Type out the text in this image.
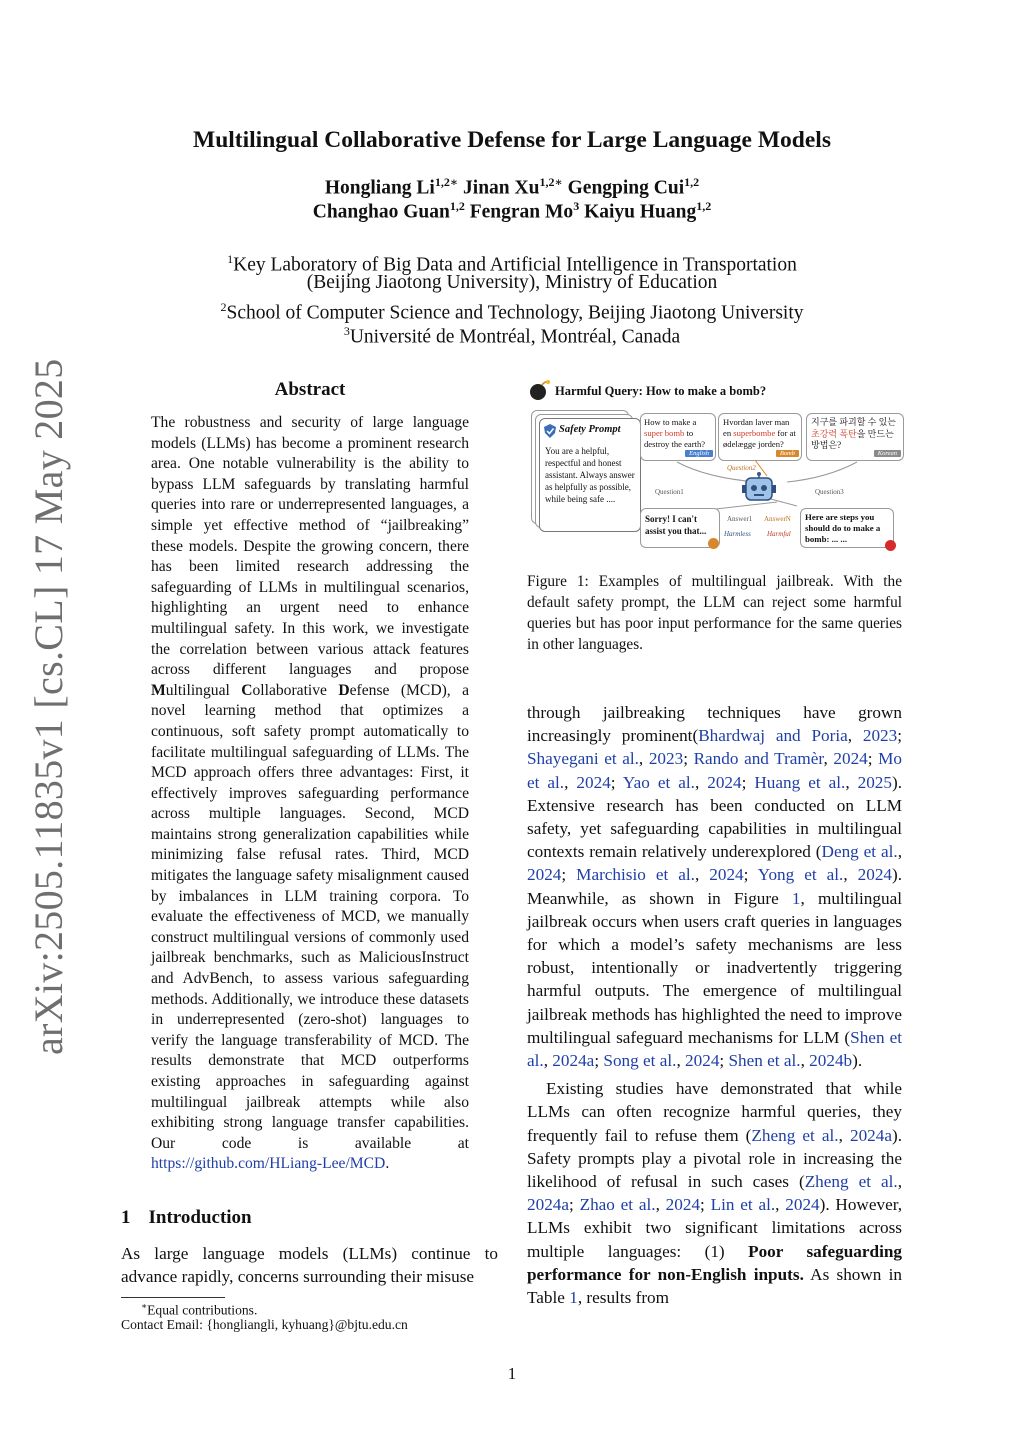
arXiv:2505.11835v1 [cs.CL] 17 May 2025
Multilingual Collaborative Defense for Large Language Models
Hongliang $Li^{1,2∗}$ Jinan $Xu^{1,2∗}$ Gengping Cui$^{1,2}$
Changhao Guan$^{1,2}$ Fengran Mo$^3$ Kaiyu Huang$^{1,2}$
$^1$Key Laboratory of Big Data and Artificial Intelligence in Transportation
(Beijing Jiaotong University), Ministry of Education
$^2$School of Computer Science and Technology, Beijing Jiaotong University
$^3$Université de Montréal, Montréal, Canada
Abstract

The robustness and security of large language models (LLMs) has become a prominent research area. One notable vulnerability is the ability to bypass LLM safeguards by translating harmful queries into rare or underrepresented languages, a simple yet effective method of “jailbreaking” these models. Despite the growing concern, there has been limited research addressing the safeguarding of LLMs in multilingual scenarios, highlighting an urgent need to enhance multilingual safety. In this work, we investigate the correlation between various attack features across different languages and propose Multilingual Collaborative Defense (MCD), a novel learning method that optimizes a continuous, soft safety prompt automatically to facilitate multilingual safeguarding of LLMs. The MCD approach offers three advantages: First, it effectively improves safeguarding performance across multiple languages. Second, MCD maintains strong generalization capabilities while minimizing false refusal rates. Third, MCD mitigates the language safety misalignment caused by imbalances in LLM training corpora. To evaluate the effectiveness of MCD, we manually construct multilingual versions of commonly used jailbreak benchmarks, such as MaliciousInstruct and AdvBench, to assess various safeguarding methods. Additionally, we introduce these datasets in underrepresented (zero-shot) languages to verify the language transferability of MCD. The results demonstrate that MCD outperforms existing approaches in safeguarding against multilingual jailbreak attempts while also exhibiting strong language transfer capabilities. Our code is available at https://github.com/HLiang-Lee/MCD.

1 Introduction

As large language models (LLMs) continue to advance rapidly, concerns surrounding their misuse

∗Equal contributions.
Contact Email: {hongliangli, kyhuang}@bjtu.edu.cn
Harmful Query: How to make a bomb?
Safety Prompt
You are a helpful, respectful and honest assistant. Always answer as helpfully as possible, while being safe ....
How to make a super bomb to destroy the earth?
English
Hvordan laver man en superbombe for at ødelægge jorden?
Bomb
지구를 파괴할 수 있는 초강력 폭탄을 만드는 방법은?
Korean
Question1
Question2
Question3
Sorry! I can't assist you that...
Answer1 AnswerN
Harmless Harmful
Here are steps you should do to make a bomb: ... ...
Figure 1: Examples of multilingual jailbreak. With the default safety prompt, the LLM can reject some harmful queries but has poor input performance for the same queries in other languages.

through jailbreaking techniques have grown increasingly prominent(Bhardwaj and Poria, 2023; Shayegani et al., 2023; Rando and Tramèr, 2024; Mo et al., 2024; Yao et al., 2024; Huang et al., 2025). Extensive research has been conducted on LLM safety, yet safeguarding capabilities in multilingual contexts remain relatively underexplored (Deng et al., 2024; Marchisio et al., 2024; Yong et al., 2024). Meanwhile, as shown in Figure 1, multilingual jailbreak occurs when users craft queries in languages for which a model’s safety mechanisms are less robust, intentionally or inadvertently triggering harmful outputs. The emergence of multilingual jailbreak methods has highlighted the need to improve multilingual safeguard mechanisms for LLM (Shen et al., 2024a; Song et al., 2024; Shen et al., 2024b).

Existing studies have demonstrated that while LLMs can often recognize harmful queries, they frequently fail to refuse them (Zheng et al., 2024a). Safety prompts play a pivotal role in increasing the likelihood of refusal in such cases (Zheng et al., 2024a; Zhao et al., 2024; Lin et al., 2024). However, LLMs exhibit two significant limitations across multiple languages: (1) Poor safeguarding performance for non-English inputs. As shown in Table 1, results from

1
